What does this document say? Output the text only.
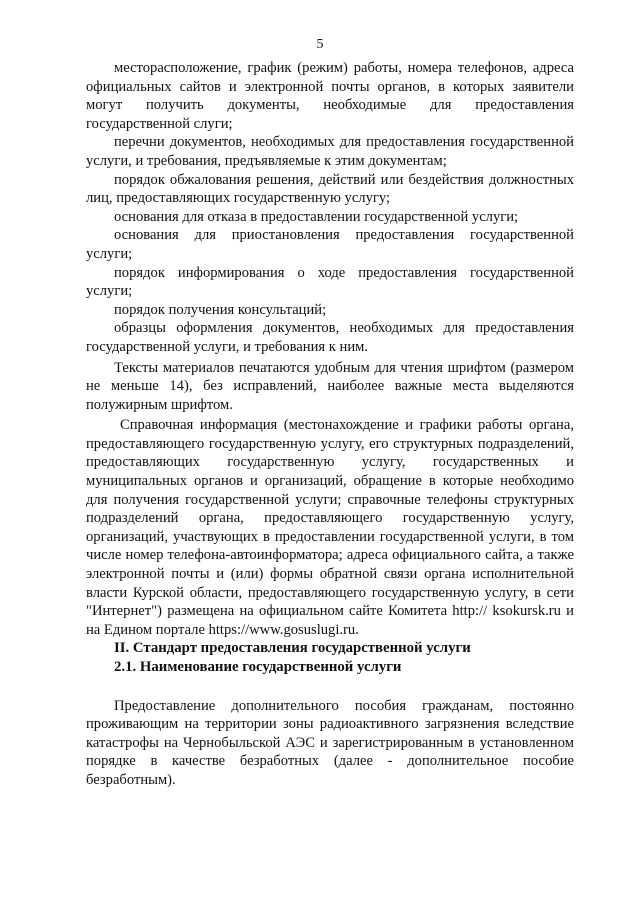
5

месторасположение, график (режим) работы, номера телефонов, адреса официальных сайтов и электронной почты органов, в которых заявители могут получить документы, необходимые для предоставления государственной слуги;

перечни документов, необходимых для предоставления государственной услуги, и требования, предъявляемые к этим документам;

порядок обжалования решения, действий или бездействия должностных лиц, предоставляющих государственную услугу;

основания для отказа в предоставлении государственной услуги;

основания для приостановления предоставления государственной услуги;

порядок информирования о ходе предоставления государственной услуги;

порядок получения консультаций;

образцы оформления документов, необходимых для предоставления государственной услуги, и требования к ним.

Тексты материалов печатаются удобным для чтения шрифтом (размером не меньше 14), без исправлений, наиболее важные места выделяются полужирным шрифтом.

Справочная информация (местонахождение и графики работы органа, предоставляющего государственную услугу, его структурных подразделений, предоставляющих государственную услугу, государственных и муниципальных органов и организаций, обращение в которые необходимо для получения государственной услуги; справочные телефоны структурных подразделений органа, предоставляющего государственную услугу, организаций, участвующих в предоставлении государственной услуги, в том числе номер телефона-автоинформатора; адреса официального сайта, а также электронной почты и (или) формы обратной связи органа исполнительной власти Курской области, предоставляющего государственную услугу, в сети "Интернет") размещена на официальном сайте Комитета http:// ksokursk.ru и на Едином портале https://www.gosuslugi.ru.

II. Стандарт предоставления государственной услуги

2.1. Наименование государственной услуги

Предоставление дополнительного пособия гражданам, постоянно проживающим на территории зоны радиоактивного загрязнения вследствие катастрофы на Чернобыльской АЭС и зарегистрированным в установленном порядке в качестве безработных (далее - дополнительное пособие безработным).
